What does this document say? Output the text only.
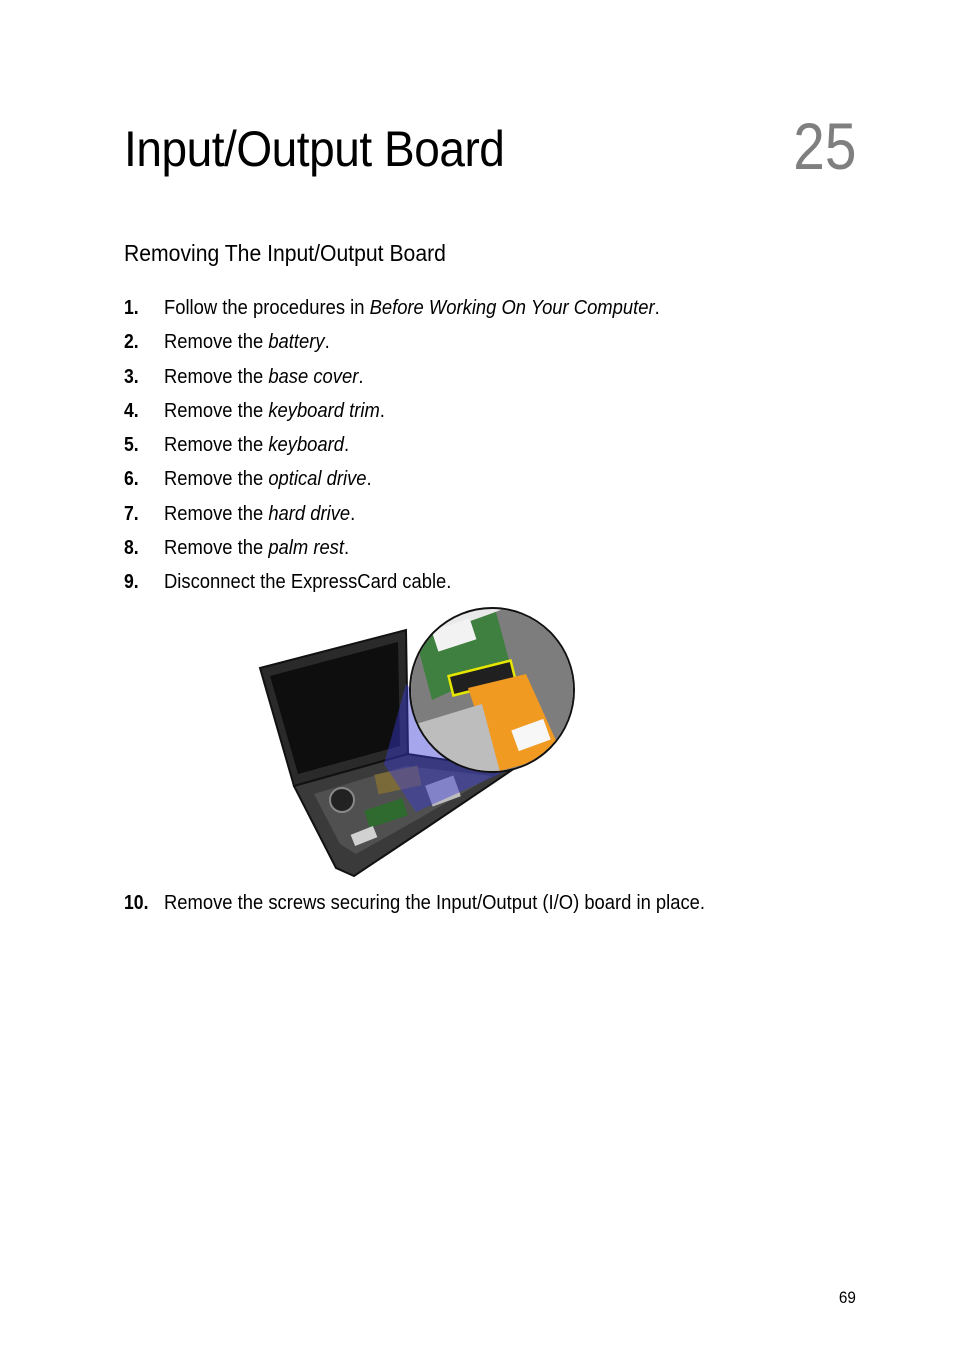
Input/Output Board	25
Removing The Input/Output Board
1. Follow the procedures in Before Working On Your Computer.
2. Remove the battery.
3. Remove the base cover.
4. Remove the keyboard trim.
5. Remove the keyboard.
6. Remove the optical drive.
7. Remove the hard drive.
8. Remove the palm rest.
9. Disconnect the ExpressCard cable.
10. Remove the screws securing the Input/Output (I/O) board in place.
69
